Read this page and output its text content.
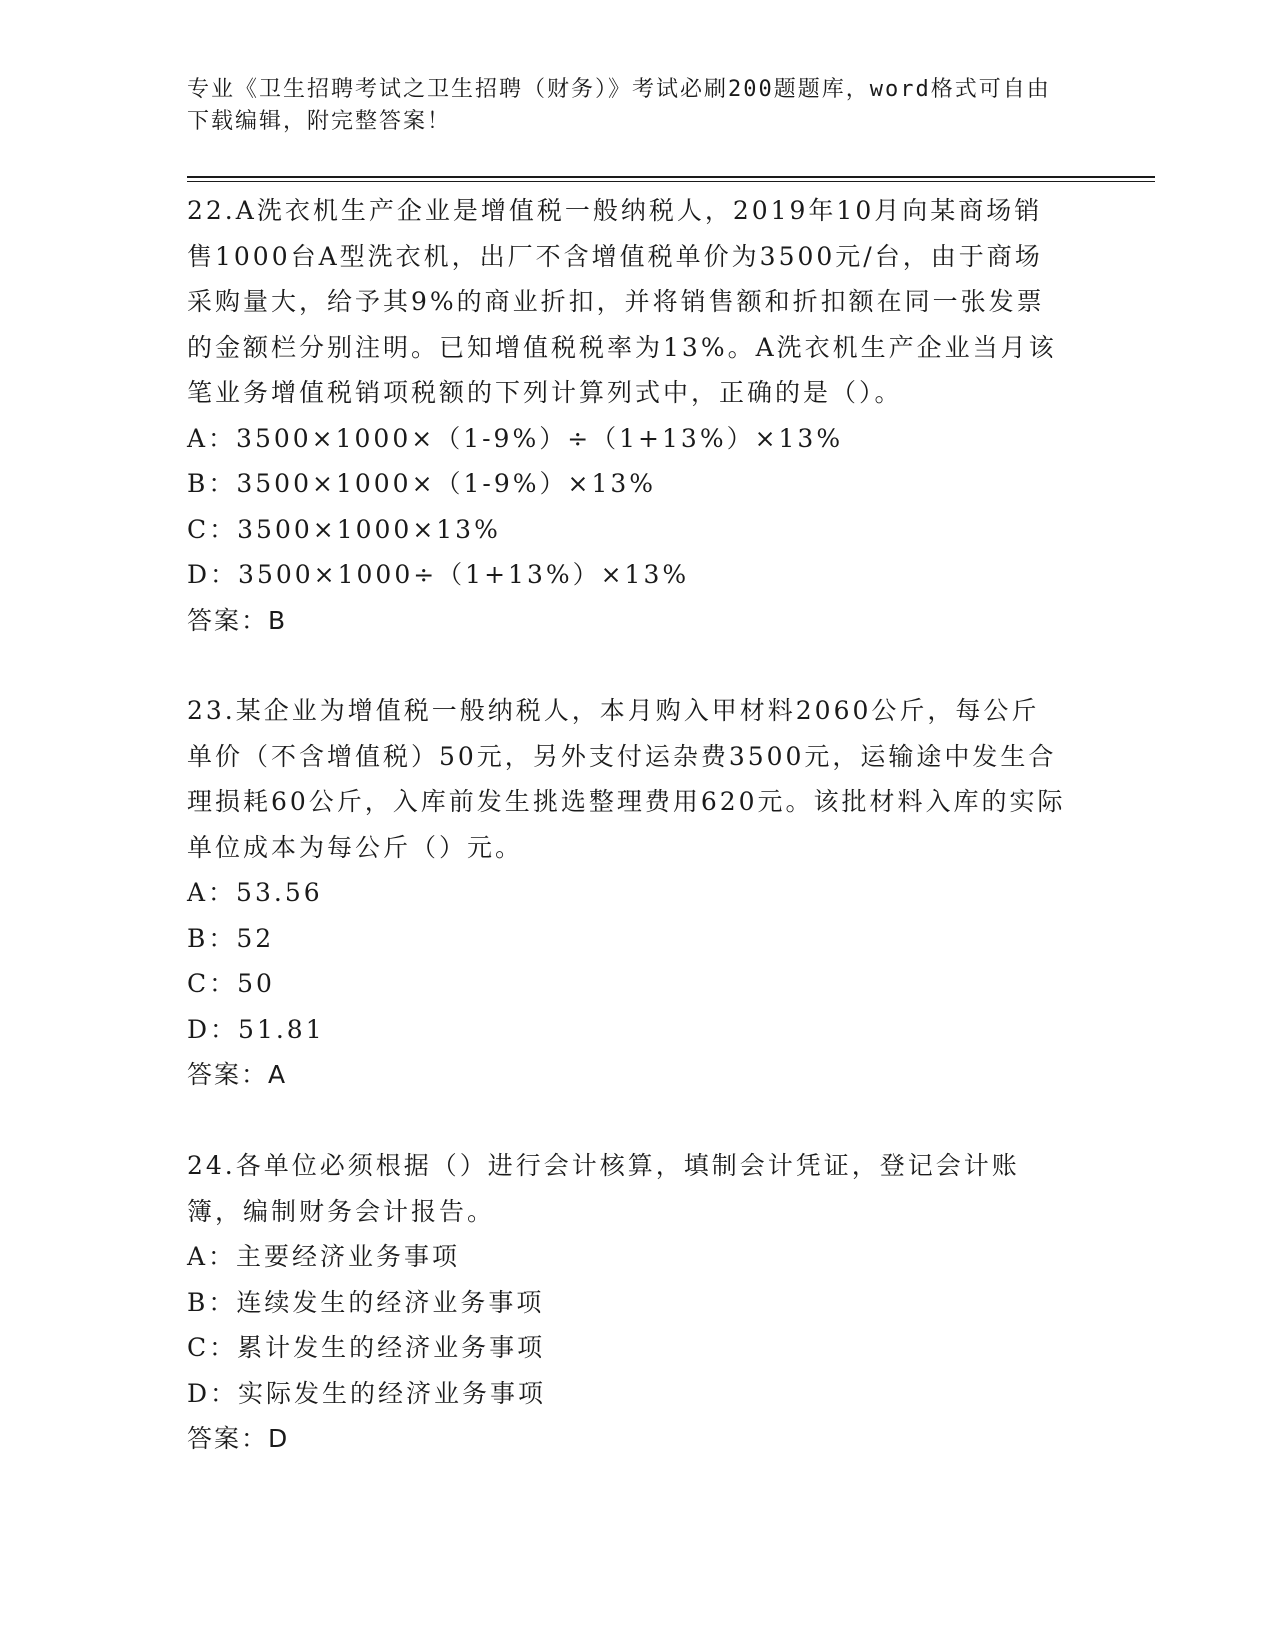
专业《卫生招聘考试之卫生招聘（财务）》考试必刷200题题库，word格式可自由下载编辑，附完整答案！
22.A洗衣机生产企业是增值税一般纳税人，2019年10月向某商场销售1000台A型洗衣机，出厂不含增值税单价为3500元/台，由于商场采购量大，给予其9%的商业折扣，并将销售额和折扣额在同一张发票的金额栏分别注明。已知增值税税率为13%。A洗衣机生产企业当月该笔业务增值税销项税额的下列计算列式中，正确的是（）。
A：3500×1000×（1-9%）÷（1+13%）×13%
B：3500×1000×（1-9%）×13%
C：3500×1000×13%
D：3500×1000÷（1+13%）×13%
答案：B
23.某企业为增值税一般纳税人，本月购入甲材料2060公斤，每公斤单价（不含增值税）50元，另外支付运杂费3500元，运输途中发生合理损耗60公斤，入库前发生挑选整理费用620元。该批材料入库的实际单位成本为每公斤（）元。
A：53.56
B：52
C：50
D：51.81
答案：A
24.各单位必须根据（）进行会计核算，填制会计凭证，登记会计账簿，编制财务会计报告。
A：主要经济业务事项
B：连续发生的经济业务事项
C：累计发生的经济业务事项
D：实际发生的经济业务事项
答案：D
